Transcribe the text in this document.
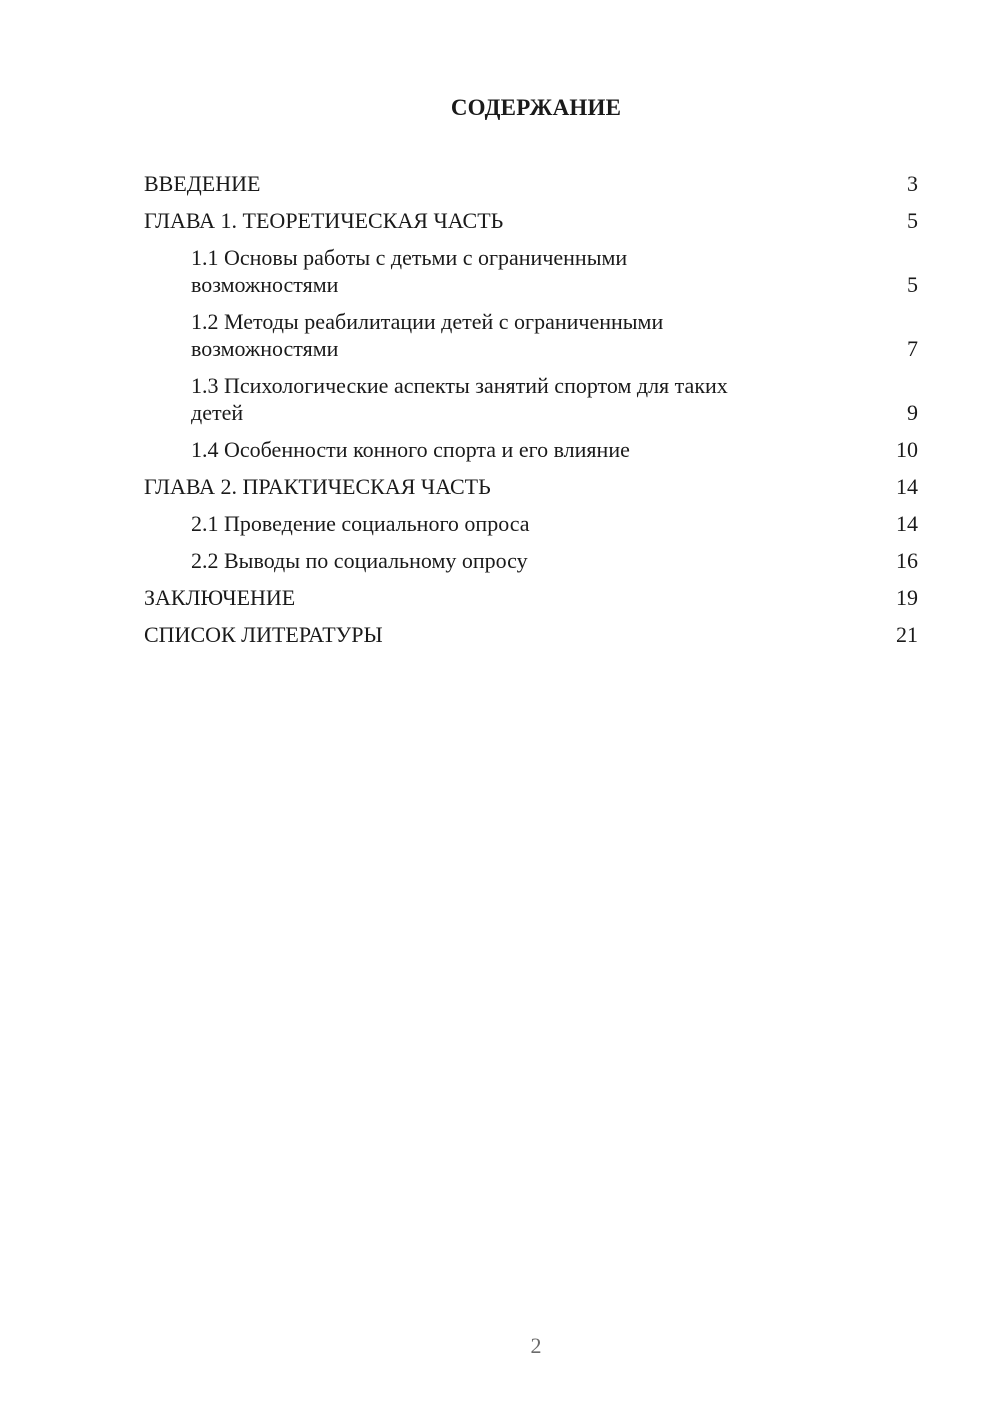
СОДЕРЖАНИЕ
ВВЕДЕНИЕ	3
ГЛАВА 1. ТЕОРЕТИЧЕСКАЯ ЧАСТЬ	5
1.1 Основы работы с детьми с ограниченными возможностями	5
1.2 Методы реабилитации детей с ограниченными возможностями	7
1.3 Психологические аспекты занятий спортом для таких детей	9
1.4 Особенности конного спорта и его влияние	10
ГЛАВА 2. ПРАКТИЧЕСКАЯ ЧАСТЬ	14
2.1 Проведение социального опроса	14
2.2 Выводы по социальному опросу	16
ЗАКЛЮЧЕНИЕ	19
СПИСОК ЛИТЕРАТУРЫ	21
2
